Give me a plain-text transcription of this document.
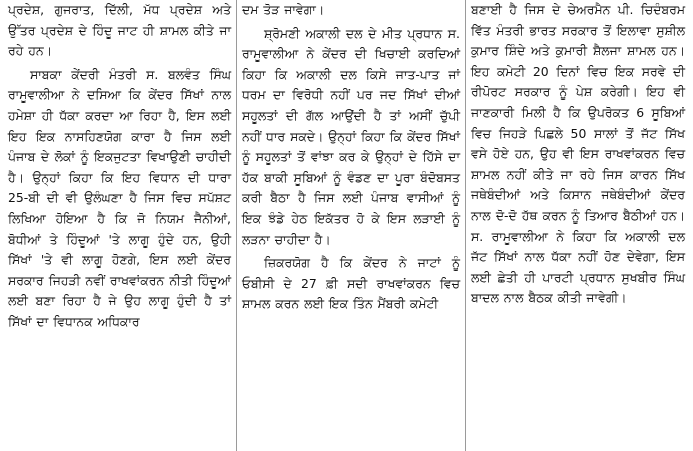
ਪ੍ਰਦੇਸ਼, ਗੁਜਰਾਤ, ਦਿੱਲੀ, ਮੱਧ ਪ੍ਰਦੇਸ਼ ਅਤੇ ਉੱਤਰ ਪ੍ਰਦੇਸ਼ ਦੇ ਹਿੰਦੂ ਜਾਟ ਹੀ ਸ਼ਾਮਲ ਕੀਤੇ ਜਾ ਰਹੇ ਹਨ।

ਸਾਬਕਾ ਕੇਂਦਰੀ ਮੰਤਰੀ ਸ. ਬਲਵੰਤ ਸਿੰਘ ਰਾਮੂਵਾਲੀਆ ਨੇ ਦਸਿਆ ਕਿ ਕੇਂਦਰ ਸਿੱਖਾਂ ਨਾਲ ਹਮੇਸ਼ਾ ਹੀ ਧੱਕਾ ਕਰਦਾ ਆ ਰਿਹਾ ਹੈ, ਇਸ ਲਈ ਇਹ ਇਕ ਨਾਸਹਿਣਯੋਗ ਕਾਰਾ ਹੈ ਜਿਸ ਲਈ ਪੰਜਾਬ ਦੇ ਲੋਕਾਂ ਨੂੰ ਇਕਜੁਟਤਾ ਵਿਖਾਉਣੀ ਚਾਹੀਦੀ ਹੈ। ਉਨ੍ਹਾਂ ਕਿਹਾ ਕਿ ਇਹ ਵਿਧਾਨ ਦੀ ਧਾਰਾ 25-ਬੀ ਦੀ ਵੀ ਉਲੰਘਣਾ ਹੈ ਜਿਸ ਵਿਚ ਸਪੱਸ਼ਟ ਲਿਖਿਆ ਹੋਇਆ ਹੈ ਕਿ ਜੋ ਨਿਯਮ ਜੈਨੀਆਂ, ਬੋਧੀਆਂ ਤੇ ਹਿੰਦੂਆਂ 'ਤੇ ਲਾਗੂ ਹੁੰਦੇ ਹਨ, ਉਹੀ ਸਿੱਖਾਂ 'ਤੇ ਵੀ ਲਾਗੂ ਹੋਣਗੇ, ਇਸ ਲਈ ਕੇਂਦਰ ਸਰਕਾਰ ਜਿਹੜੀ ਨਵੀਂ ਰਾਖਵਾਂਕਰਨ ਨੀਤੀ ਹਿੰਦੂਆਂ ਲਈ ਬਣਾ ਰਿਹਾ ਹੈ ਜੇ ਉਹ ਲਾਗੂ ਹੁੰਦੀ ਹੈ ਤਾਂ ਸਿੱਖਾਂ ਦਾ ਵਿਧਾਨਕ ਅਧਿਕਾਰ

ਦਮ ਤੋੜ ਜਾਵੇਗਾ।

ਸ਼੍ਰੋਮਣੀ ਅਕਾਲੀ ਦਲ ਦੇ ਮੀਤ ਪ੍ਰਧਾਨ ਸ. ਰਾਮੂਵਾਲੀਆ ਨੇ ਕੇਂਦਰ ਦੀ ਖਿਚਾਈ ਕਰਦਿਆਂ ਕਿਹਾ ਕਿ ਅਕਾਲੀ ਦਲ ਕਿਸੇ ਜਾਤ-ਪਾਤ ਜਾਂ ਧਰਮ ਦਾ ਵਿਰੋਧੀ ਨਹੀਂ ਪਰ ਜਦ ਸਿੱਖਾਂ ਦੀਆਂ ਸਹੂਲਤਾਂ ਦੀ ਗੱਲ ਆਉਂਦੀ ਹੈ ਤਾਂ ਅਸੀਂ ਚੁੱਪੀ ਨਹੀਂ ਧਾਰ ਸਕਦੇ। ਉਨ੍ਹਾਂ ਕਿਹਾ ਕਿ ਕੇਂਦਰ ਸਿੱਖਾਂ ਨੂੰ ਸਹੂਲਤਾਂ ਤੋਂ ਵਾਂਝਾ ਕਰ ਕੇ ਉਨ੍ਹਾਂ ਦੇ ਹਿੱਸੇ ਦਾ ਹੱਕ ਬਾਕੀ ਸੂਬਿਆਂ ਨੂੰ ਵੰਡਣ ਦਾ ਪੂਰਾ ਬੰਦੋਬਸਤ ਕਰੀ ਬੈਠਾ ਹੈ ਜਿਸ ਲਈ ਪੰਜਾਬ ਵਾਸੀਆਂ ਨੂੰ ਇਕ ਝੰਡੇ ਹੇਠ ਇਕੱਤਰ ਹੋ ਕੇ ਇਸ ਲੜਾਈ ਨੂੰ ਲੜਨਾ ਚਾਹੀਦਾ ਹੈ।

ਜ਼ਿਕਰਯੋਗ ਹੈ ਕਿ ਕੇਂਦਰ ਨੇ ਜਾਟਾਂ ਨੂੰ ਓਬੀਸੀ ਦੇ 27 ਫ਼ੀ ਸਦੀ ਰਾਖਵਾਂਕਰਨ ਵਿਚ ਸ਼ਾਮਲ ਕਰਨ ਲਈ ਇਕ ਤਿੰਨ ਮੈਂਬਰੀ ਕਮੇਟੀ

ਬਣਾਈ ਹੈ ਜਿਸ ਦੇ ਚੇਅਰਮੈਨ ਪੀ. ਚਿਦੰਬਰਮ ਵਿੱਤ ਮੰਤਰੀ ਭਾਰਤ ਸਰਕਾਰ ਤੋਂ ਇਲਾਵਾ ਸੁਸ਼ੀਲ ਕੁਮਾਰ ਸ਼ਿੰਦੇ ਅਤੇ ਕੁਮਾਰੀ ਸ਼ੈਲਜਾ ਸ਼ਾਮਲ ਹਨ। ਇਹ ਕਮੇਟੀ 20 ਦਿਨਾਂ ਵਿਚ ਇਕ ਸਰਵੇ ਦੀ ਰੀਪੋਰਟ ਸਰਕਾਰ ਨੂੰ ਪੇਸ਼ ਕਰੇਗੀ। ਇਹ ਵੀ ਜਾਣਕਾਰੀ ਮਿਲੀ ਹੈ ਕਿ ਉਪਰੋਕਤ 6 ਸੂਬਿਆਂ ਵਿਚ ਜਿਹੜੇ ਪਿਛਲੇ 50 ਸਾਲਾਂ ਤੋਂ ਜੱਟ ਸਿੱਖ ਵਸੇ ਹੋਏ ਹਨ, ਉਹ ਵੀ ਇਸ ਰਾਖਵਾਂਕਰਨ ਵਿਚ ਸ਼ਾਮਲ ਨਹੀਂ ਕੀਤੇ ਜਾ ਰਹੇ ਜਿਸ ਕਾਰਨ ਸਿੱਖ ਜਥੇਬੰਦੀਆਂ ਅਤੇ ਕਿਸਾਨ ਜਥੇਬੰਦੀਆਂ ਕੇਂਦਰ ਨਾਲ ਦੋ-ਦੋ ਹੱਥ ਕਰਨ ਨੂੰ ਤਿਆਰ ਬੈਠੀਆਂ ਹਨ। ਸ. ਰਾਮੂਵਾਲੀਆ ਨੇ ਕਿਹਾ ਕਿ ਅਕਾਲੀ ਦਲ ਜੱਟ ਸਿੱਖਾਂ ਨਾਲ ਧੱਕਾ ਨਹੀਂ ਹੋਣ ਦੇਵੇਗਾ, ਇਸ ਲਈ ਛੇਤੀ ਹੀ ਪਾਰਟੀ ਪ੍ਰਧਾਨ ਸੁਖਬੀਰ ਸਿੰਘ ਬਾਦਲ ਨਾਲ ਬੈਠਕ ਕੀਤੀ ਜਾਵੇਗੀ।
